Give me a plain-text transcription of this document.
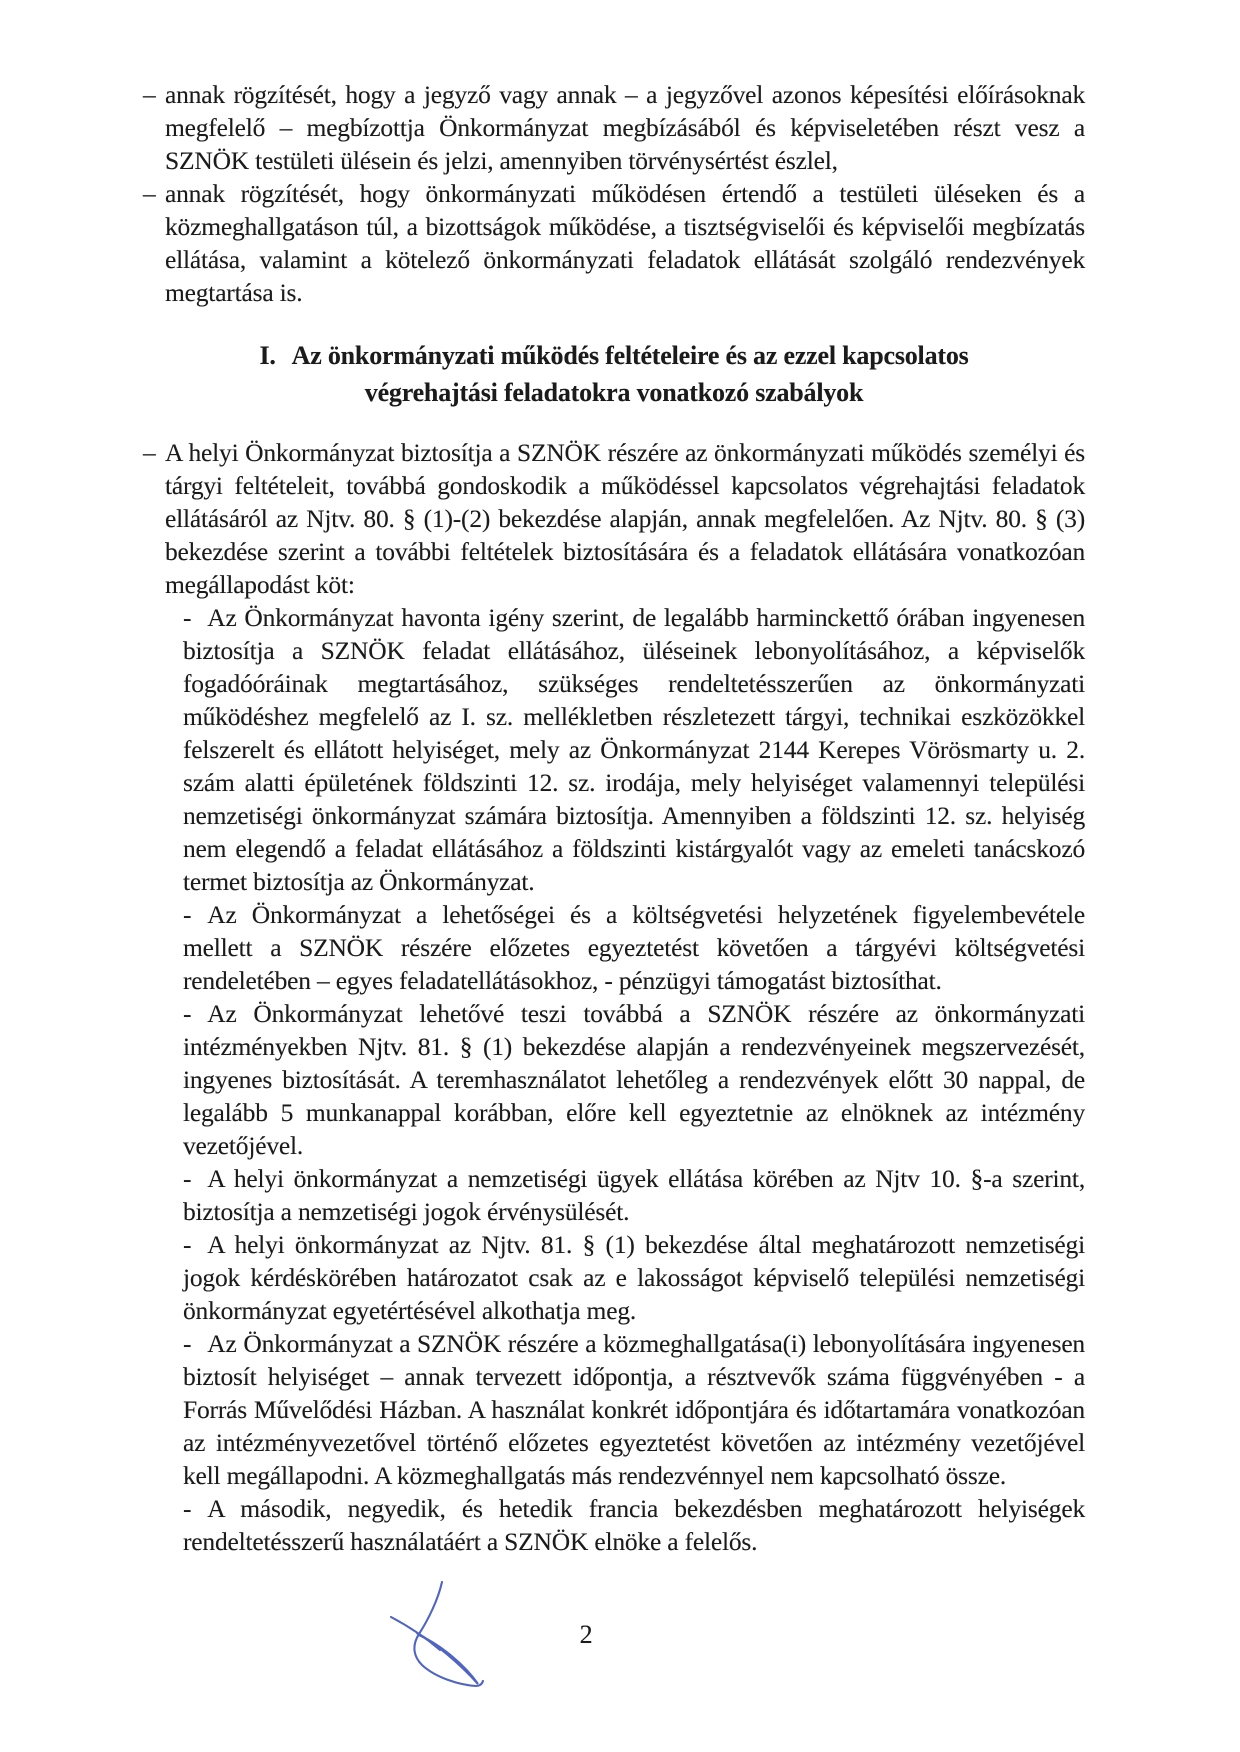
– annak rögzítését, hogy a jegyző vagy annak – a jegyzővel azonos képesítési előírásoknak megfelelő – megbízottja Önkormányzat megbízásából és képviseletében részt vesz a SZNÖK testületi ülésein és jelzi, amennyiben törvénysértést észlel,

– annak rögzítését, hogy önkormányzati működésen értendő a testületi üléseken és a közmeghallgatáson túl, a bizottságok működése, a tisztségviselői és képviselői megbízatás ellátása, valamint a kötelező önkormányzati feladatok ellátását szolgáló rendezvények megtartása is.

I. Az önkormányzati működés feltételeire és az ezzel kapcsolatos
végrehajtási feladatokra vonatkozó szabályok

– A helyi Önkormányzat biztosítja a SZNÖK részére az önkormányzati működés személyi és tárgyi feltételeit, továbbá gondoskodik a működéssel kapcsolatos végrehajtási feladatok ellátásáról az Njtv. 80. § (1)-(2) bekezdése alapján, annak megfelelően. Az Njtv. 80. § (3) bekezdése szerint a további feltételek biztosítására és a feladatok ellátására vonatkozóan megállapodást köt:

- Az Önkormányzat havonta igény szerint, de legalább harminckettő órában ingyenesen biztosítja a SZNÖK feladat ellátásához, üléseinek lebonyolításához, a képviselők fogadóóráinak megtartásához, szükséges rendeltetésszerűen az önkormányzati működéshez megfelelő az I. sz. mellékletben részletezett tárgyi, technikai eszközökkel felszerelt és ellátott helyiséget, mely az Önkormányzat 2144 Kerepes Vörösmarty u. 2. szám alatti épületének földszinti 12. sz. irodája, mely helyiséget valamennyi települési nemzetiségi önkormányzat számára biztosítja. Amennyiben a földszinti 12. sz. helyiség nem elegendő a feladat ellátásához a földszinti kistárgyalót vagy az emeleti tanácskozó termet biztosítja az Önkormányzat.

- Az Önkormányzat a lehetőségei és a költségvetési helyzetének figyelembevétele mellett a SZNÖK részére előzetes egyeztetést követően a tárgyévi költségvetési rendeletében – egyes feladatellátásokhoz, - pénzügyi támogatást biztosíthat.

- Az Önkormányzat lehetővé teszi továbbá a SZNÖK részére az önkormányzati intézményekben Njtv. 81. § (1) bekezdése alapján a rendezvényeinek megszervezését, ingyenes biztosítását. A teremhasználatot lehetőleg a rendezvények előtt 30 nappal, de legalább 5 munkanappal korábban, előre kell egyeztetnie az elnöknek az intézmény vezetőjével.

- A helyi önkormányzat a nemzetiségi ügyek ellátása körében az Njtv 10. §-a szerint, biztosítja a nemzetiségi jogok érvénysülését.

- A helyi önkormányzat az Njtv. 81. § (1) bekezdése által meghatározott nemzetiségi jogok kérdéskörében határozatot csak az e lakosságot képviselő települési nemzetiségi önkormányzat egyetértésével alkothatja meg.

- Az Önkormányzat a SZNÖK részére a közmeghallgatása(i) lebonyolítására ingyenesen biztosít helyiséget – annak tervezett időpontja, a résztvevők száma függvényében - a Forrás Művelődési Házban. A használat konkrét időpontjára és időtartamára vonatkozóan az intézményvezetővel történő előzetes egyeztetést követően az intézmény vezetőjével kell megállapodni. A közmeghallgatás más rendezvénnyel nem kapcsolható össze.

- A második, negyedik, és hetedik francia bekezdésben meghatározott helyiségek rendeltetésszerű használatáért a SZNÖK elnöke a felelős.

2
